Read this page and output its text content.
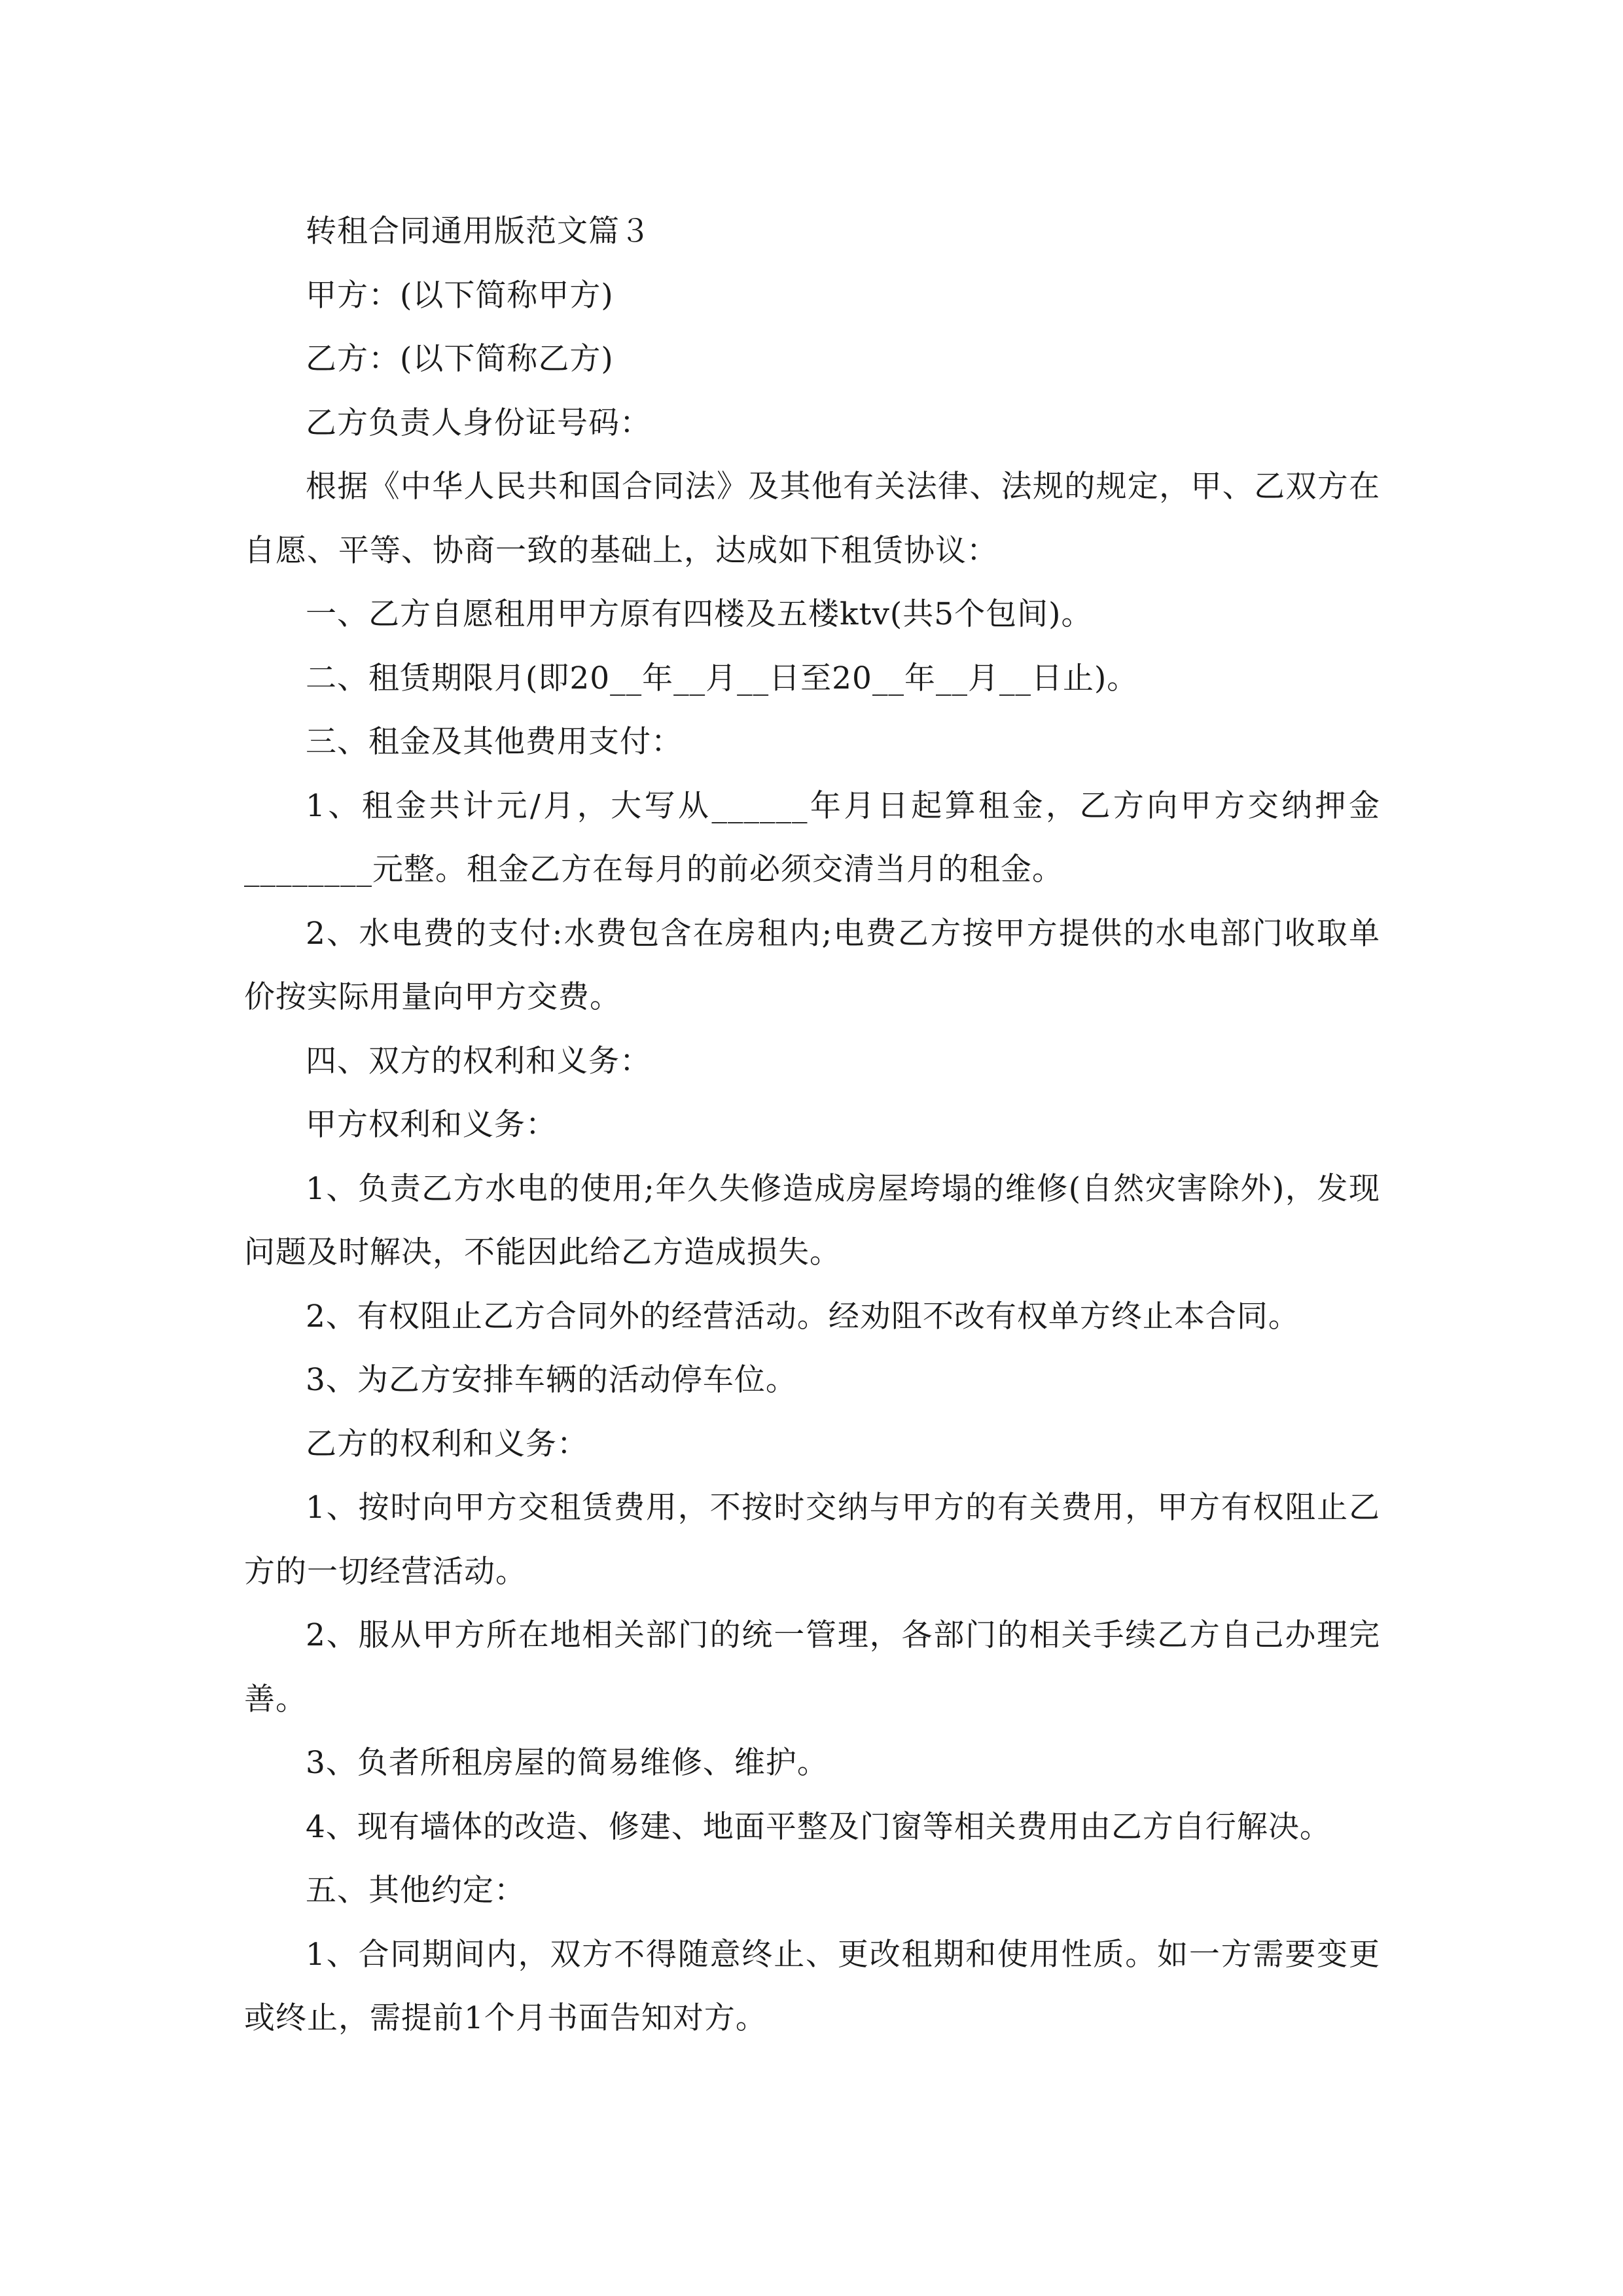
转租合同通用版范文篇３

甲方：(以下简称甲方)

乙方：(以下简称乙方)

乙方负责人身份证号码：

根据《中华人民共和国合同法》及其他有关法律、法规的规定，甲、乙双方在自愿、平等、协商一致的基础上，达成如下租赁协议：

一、乙方自愿租用甲方原有四楼及五楼ktv(共5个包间)。

二、租赁期限月(即20__年__月__日至20__年__月__日止)。

三、租金及其他费用支付：

1、租金共计元/月，大写从______年月日起算租金，乙方向甲方交纳押金________元整。租金乙方在每月的前必须交清当月的租金。

2、水电费的支付:水费包含在房租内;电费乙方按甲方提供的水电部门收取单价按实际用量向甲方交费。

四、双方的权利和义务：

甲方权利和义务：

1、负责乙方水电的使用;年久失修造成房屋垮塌的维修(自然灾害除外)，发现问题及时解决，不能因此给乙方造成损失。

2、有权阻止乙方合同外的经营活动。经劝阻不改有权单方终止本合同。

3、为乙方安排车辆的活动停车位。

乙方的权利和义务：

1、按时向甲方交租赁费用，不按时交纳与甲方的有关费用，甲方有权阻止乙方的一切经营活动。

2、服从甲方所在地相关部门的统一管理，各部门的相关手续乙方自己办理完善。

3、负者所租房屋的简易维修、维护。

4、现有墙体的改造、修建、地面平整及门窗等相关费用由乙方自行解决。

五、其他约定：

1、合同期间内，双方不得随意终止、更改租期和使用性质。如一方需要变更或终止，需提前1个月书面告知对方。
